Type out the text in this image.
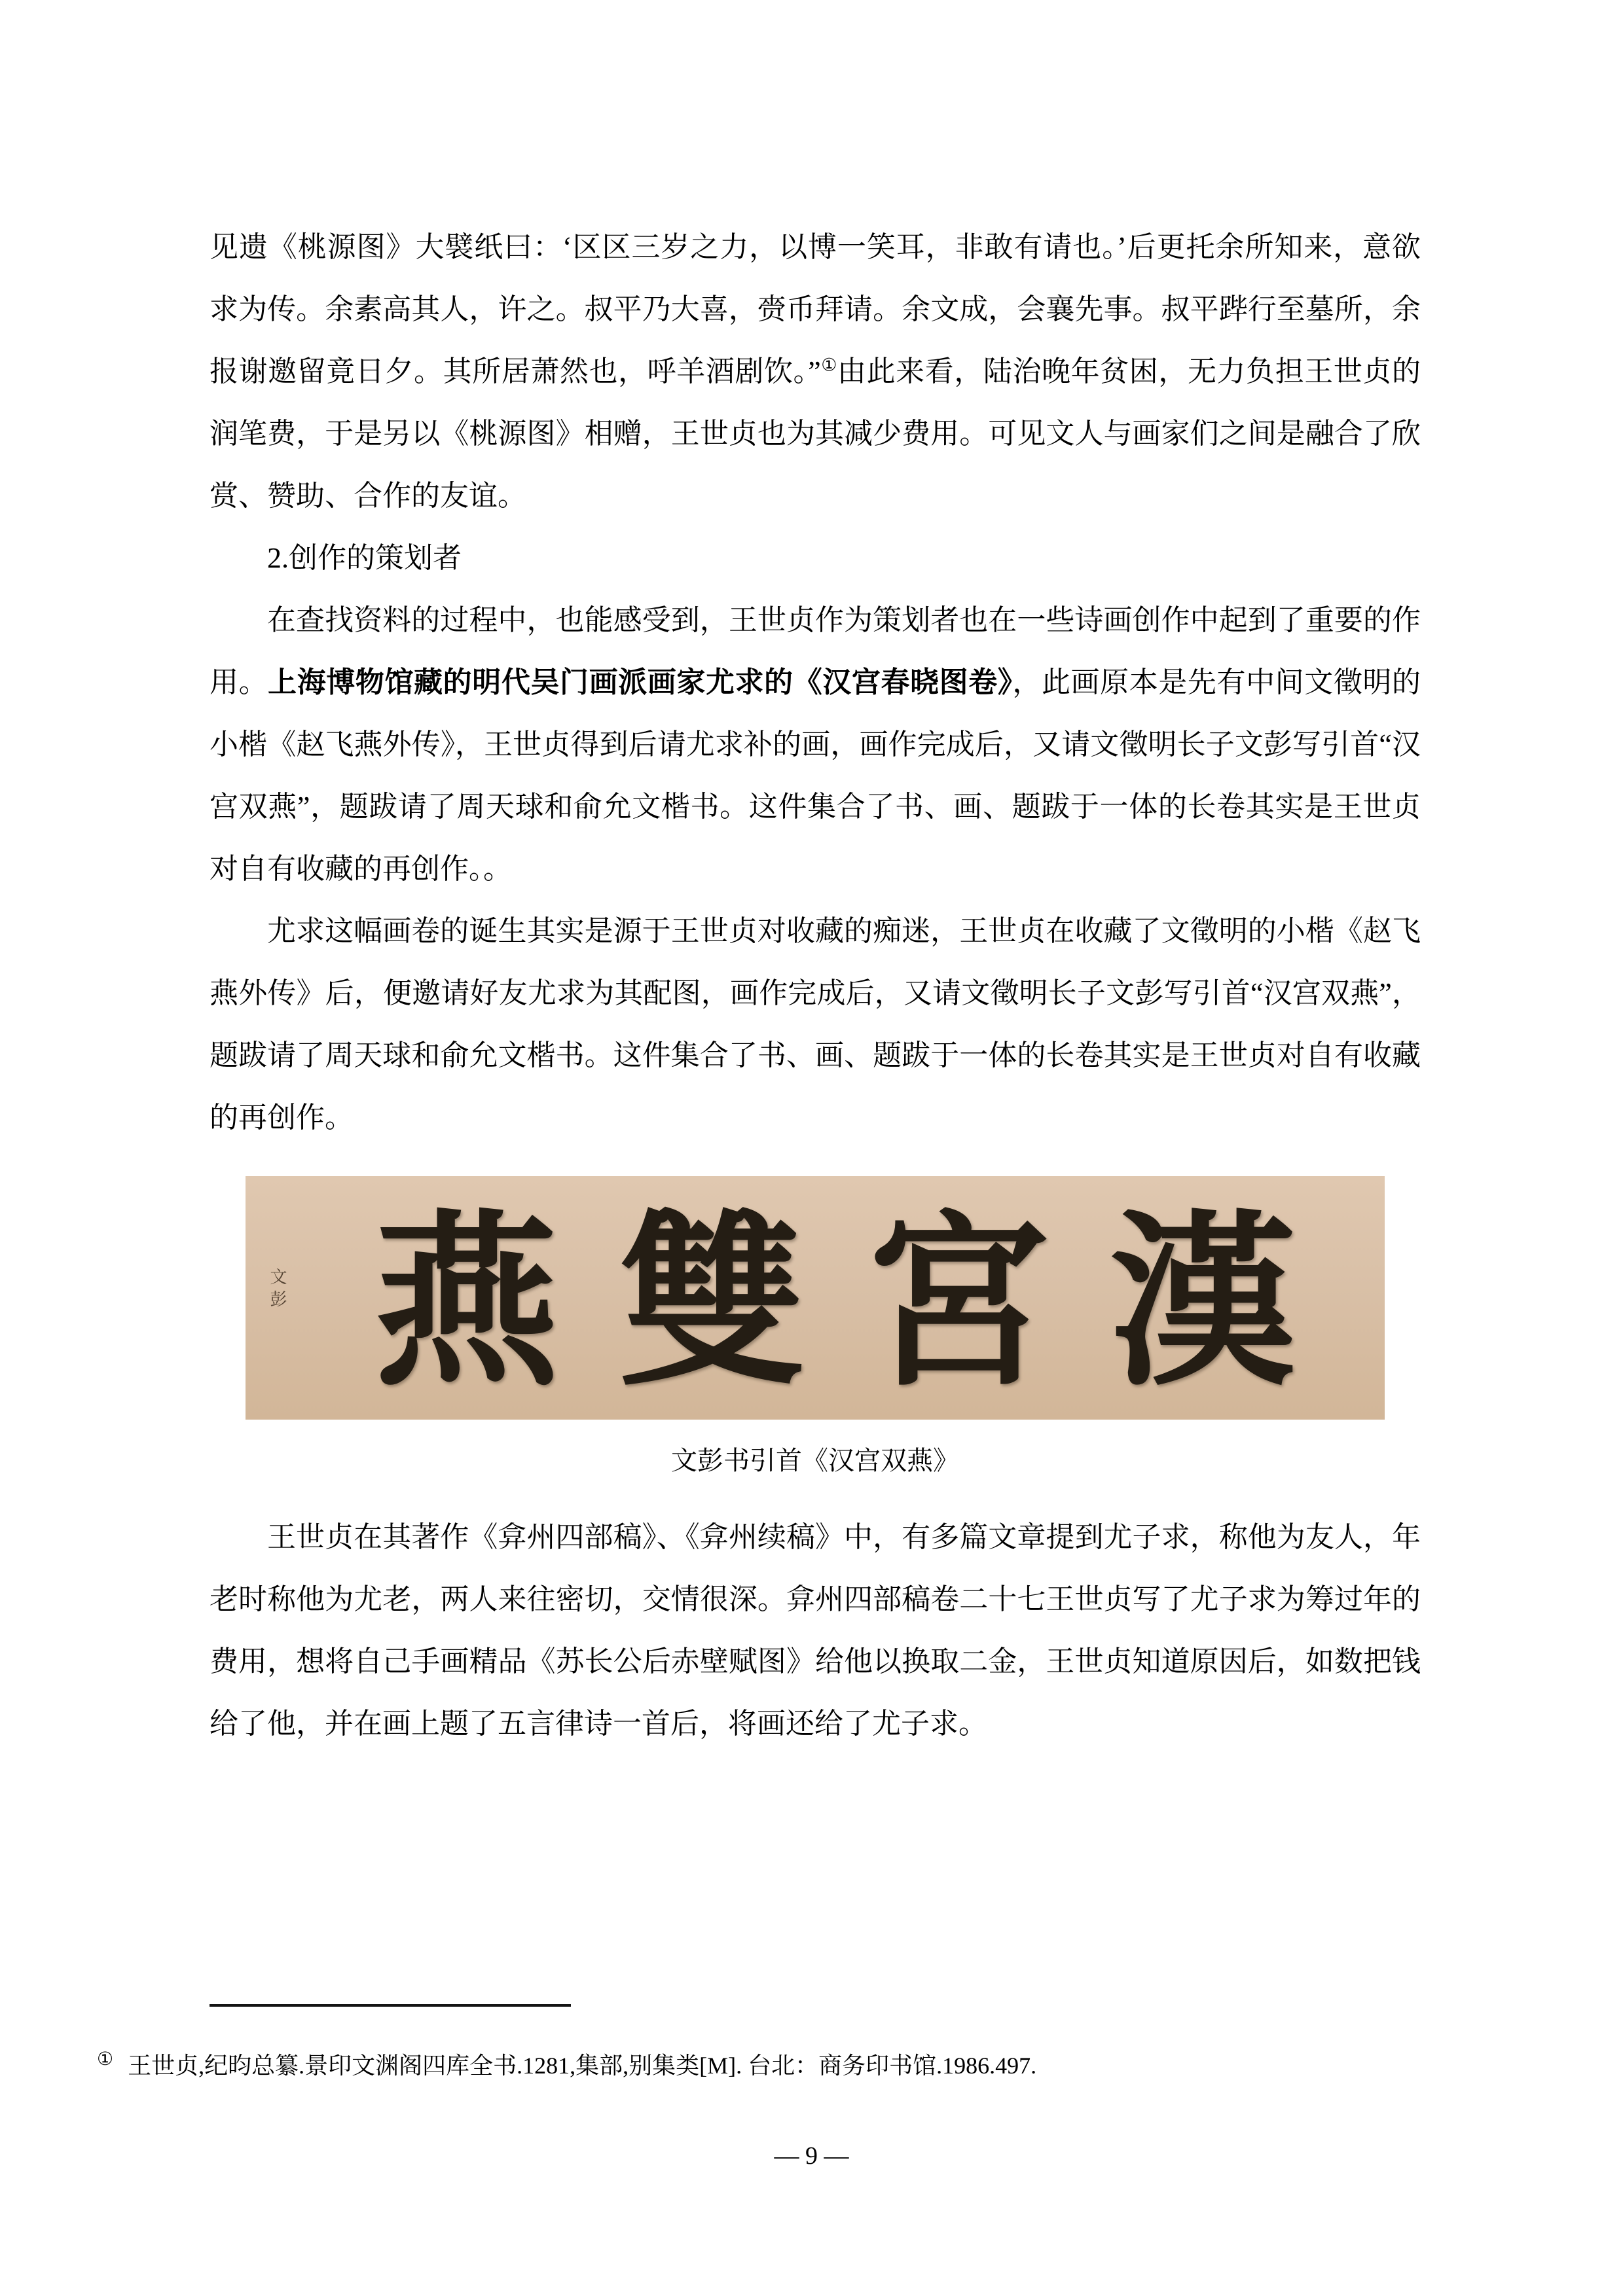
见遗《桃源图》大襞纸曰：‘区区三岁之力，以博一笑耳，非敢有请也。’后更托余所知来，意欲求为传。余素高其人，许之。叔平乃大喜，赍币拜请。余文成，会襄先事。叔平跸行至墓所，余报谢邀留竟日夕。其所居萧然也，呼羊酒剧饮。”①由此来看，陆治晚年贫困，无力负担王世贞的润笔费，于是另以《桃源图》相赠，王世贞也为其减少费用。可见文人与画家们之间是融合了欣赏、赞助、合作的友谊。

2.创作的策划者

在查找资料的过程中，也能感受到，王世贞作为策划者也在一些诗画创作中起到了重要的作用。上海博物馆藏的明代吴门画派画家尤求的《汉宫春晓图卷》，此画原本是先有中间文徵明的小楷《赵飞燕外传》，王世贞得到后请尤求补的画，画作完成后，又请文徵明长子文彭写引首“汉宫双燕”，题跋请了周天球和俞允文楷书。这件集合了书、画、题跋于一体的长卷其实是王世贞对自有收藏的再创作。。

尤求这幅画卷的诞生其实是源于王世贞对收藏的痴迷，王世贞在收藏了文徵明的小楷《赵飞燕外传》后，便邀请好友尤求为其配图，画作完成后，又请文徵明长子文彭写引首“汉宫双燕”，题跋请了周天球和俞允文楷书。这件集合了书、画、题跋于一体的长卷其实是王世贞对自有收藏的再创作。

文彭 燕 雙 宮 漢

文彭书引首《汉宫双燕》

王世贞在其著作《弇州四部稿》、《弇州续稿》中，有多篇文章提到尤子求，称他为友人，年老时称他为尤老，两人来往密切，交情很深。弇州四部稿卷二十七王世贞写了尤子求为筹过年的费用，想将自己手画精品《苏长公后赤壁赋图》给他以换取二金，王世贞知道原因后，如数把钱给了他，并在画上题了五言律诗一首后，将画还给了尤子求。

① 王世贞,纪昀总纂.景印文渊阁四库全书.1281,集部,别集类[M]. 台北：商务印书馆.1986.497.

— 9 —
